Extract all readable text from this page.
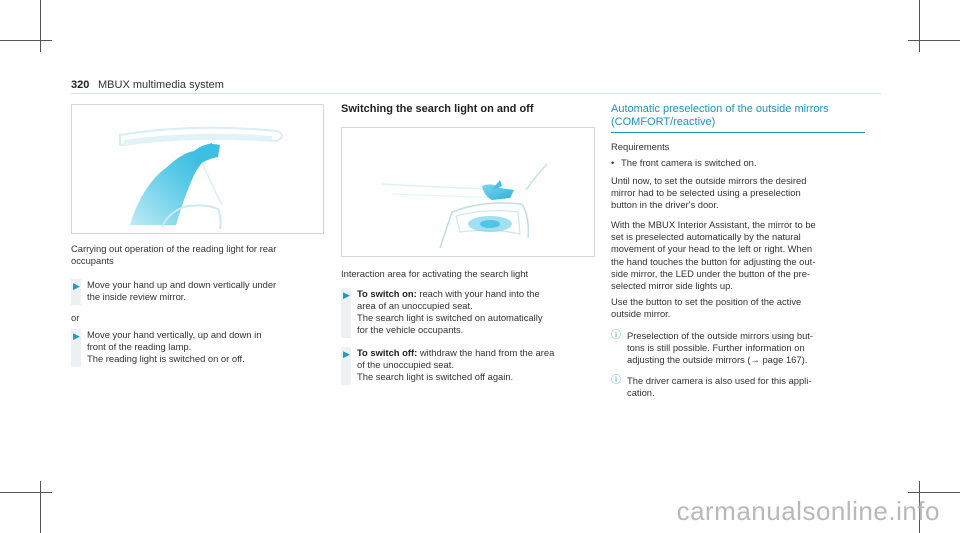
320 MBUX multimedia system
Carrying out operation of the reading light for rear
occupants
▶ Move your hand up and down vertically under
the inside review mirror.
or
▶ Move your hand vertically, up and down in
front of the reading lamp.
The reading light is switched on or off.
Switching the search light on and off
Interaction area for activating the search light
▶ To switch on: reach with your hand into the
area of an unoccupied seat.
The search light is switched on automatically
for the vehicle occupants.
▶ To switch off: withdraw the hand from the area
of the unoccupied seat.
The search light is switched off again.
Automatic preselection of the outside mirrors
(COMFORT/reactive)
Requirements
• The front camera is switched on.
Until now, to set the outside mirrors the desired
mirror had to be selected using a preselection
button in the driver's door.
With the MBUX Interior Assistant, the mirror to be
set is preselected automatically by the natural
movement of your head to the left or right. When
the hand touches the button for adjusting the out-
side mirror, the LED under the button of the pre-
selected mirror side lights up.
Use the button to set the position of the active
outside mirror.
ⓘ Preselection of the outside mirrors using but-
tons is still possible. Further information on
adjusting the outside mirrors (→ page 167).
ⓘ The driver camera is also used for this appli-
cation.
carmanualsonline.info
